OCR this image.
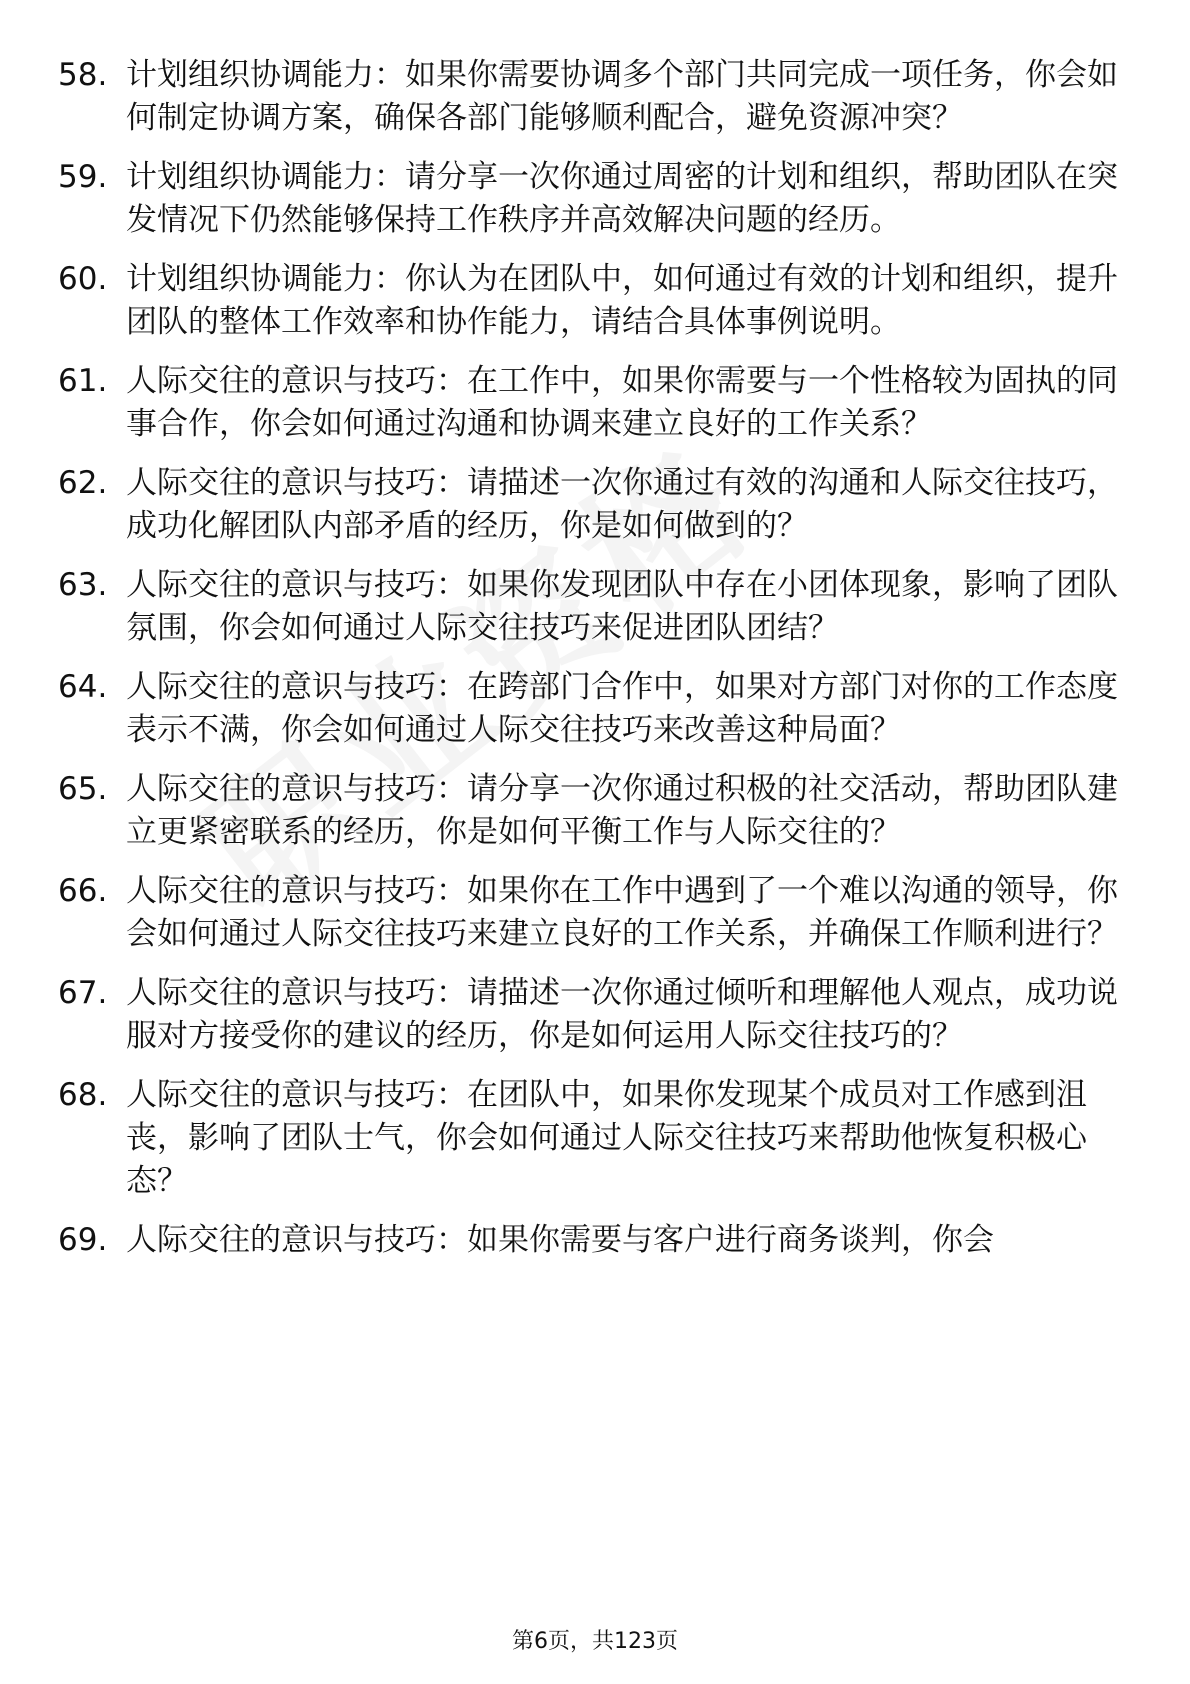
58. 计划组织协调能力：如果你需要协调多个部门共同完成一项任务，你会如何制定协调方案，确保各部门能够顺利配合，避免资源冲突？
59. 计划组织协调能力：请分享一次你通过周密的计划和组织，帮助团队在突发情况下仍然能够保持工作秩序并高效解决问题的经历。
60. 计划组织协调能力：你认为在团队中，如何通过有效的计划和组织，提升团队的整体工作效率和协作能力，请结合具体事例说明。
61. 人际交往的意识与技巧：在工作中，如果你需要与一个性格较为固执的同事合作，你会如何通过沟通和协调来建立良好的工作关系？
62. 人际交往的意识与技巧：请描述一次你通过有效的沟通和人际交往技巧，成功化解团队内部矛盾的经历，你是如何做到的？
63. 人际交往的意识与技巧：如果你发现团队中存在小团体现象，影响了团队氛围，你会如何通过人际交往技巧来促进团队团结？
64. 人际交往的意识与技巧：在跨部门合作中，如果对方部门对你的工作态度表示不满，你会如何通过人际交往技巧来改善这种局面？
65. 人际交往的意识与技巧：请分享一次你通过积极的社交活动，帮助团队建立更紧密联系的经历，你是如何平衡工作与人际交往的？
66. 人际交往的意识与技巧：如果你在工作中遇到了一个难以沟通的领导，你会如何通过人际交往技巧来建立良好的工作关系，并确保工作顺利进行？
67. 人际交往的意识与技巧：请描述一次你通过倾听和理解他人观点，成功说服对方接受你的建议的经历，你是如何运用人际交往技巧的？
68. 人际交往的意识与技巧：在团队中，如果你发现某个成员对工作感到沮丧，影响了团队士气，你会如何通过人际交往技巧来帮助他恢复积极心态？
69. 人际交往的意识与技巧：如果你需要与客户进行商务谈判，你会
第6页，共123页
